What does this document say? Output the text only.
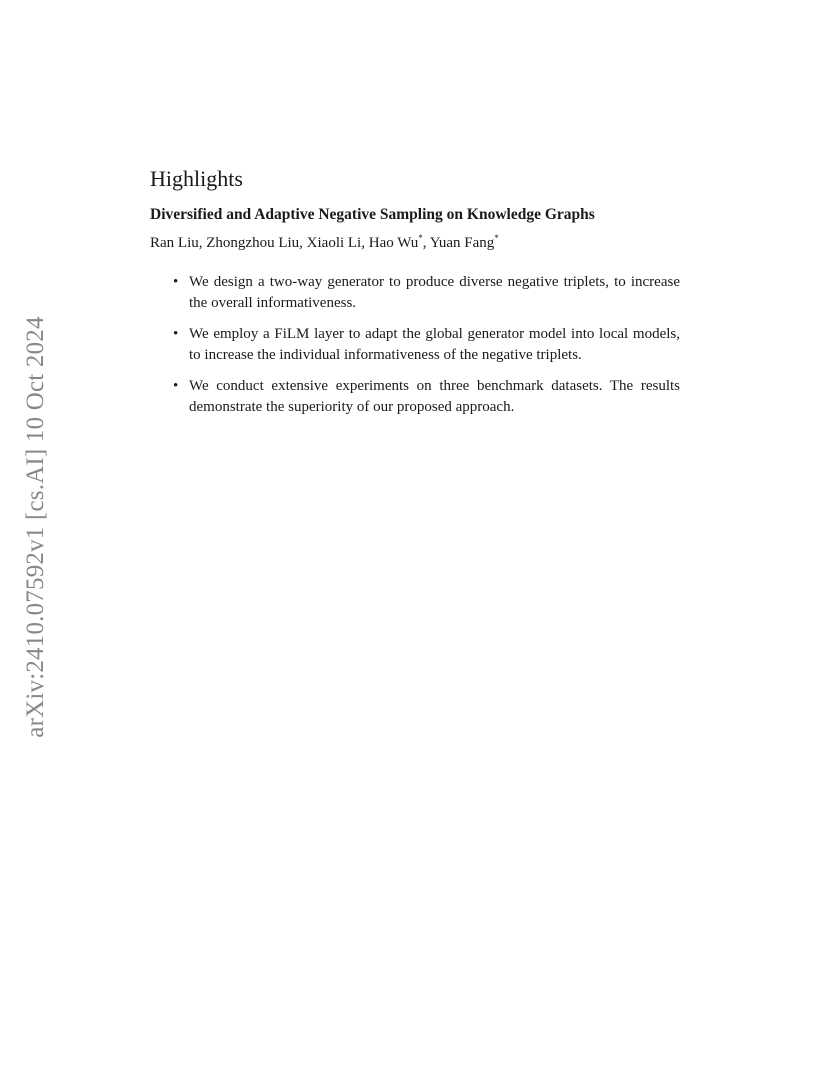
arXiv:2410.07592v1 [cs.AI] 10 Oct 2024
Highlights
Diversified and Adaptive Negative Sampling on Knowledge Graphs
Ran Liu, Zhongzhou Liu, Xiaoli Li, Hao Wu*, Yuan Fang*
• We design a two-way generator to produce diverse negative triplets, to increase the overall informativeness.
• We employ a FiLM layer to adapt the global generator model into local models, to increase the individual informativeness of the negative triplets.
• We conduct extensive experiments on three benchmark datasets. The results demonstrate the superiority of our proposed approach.
